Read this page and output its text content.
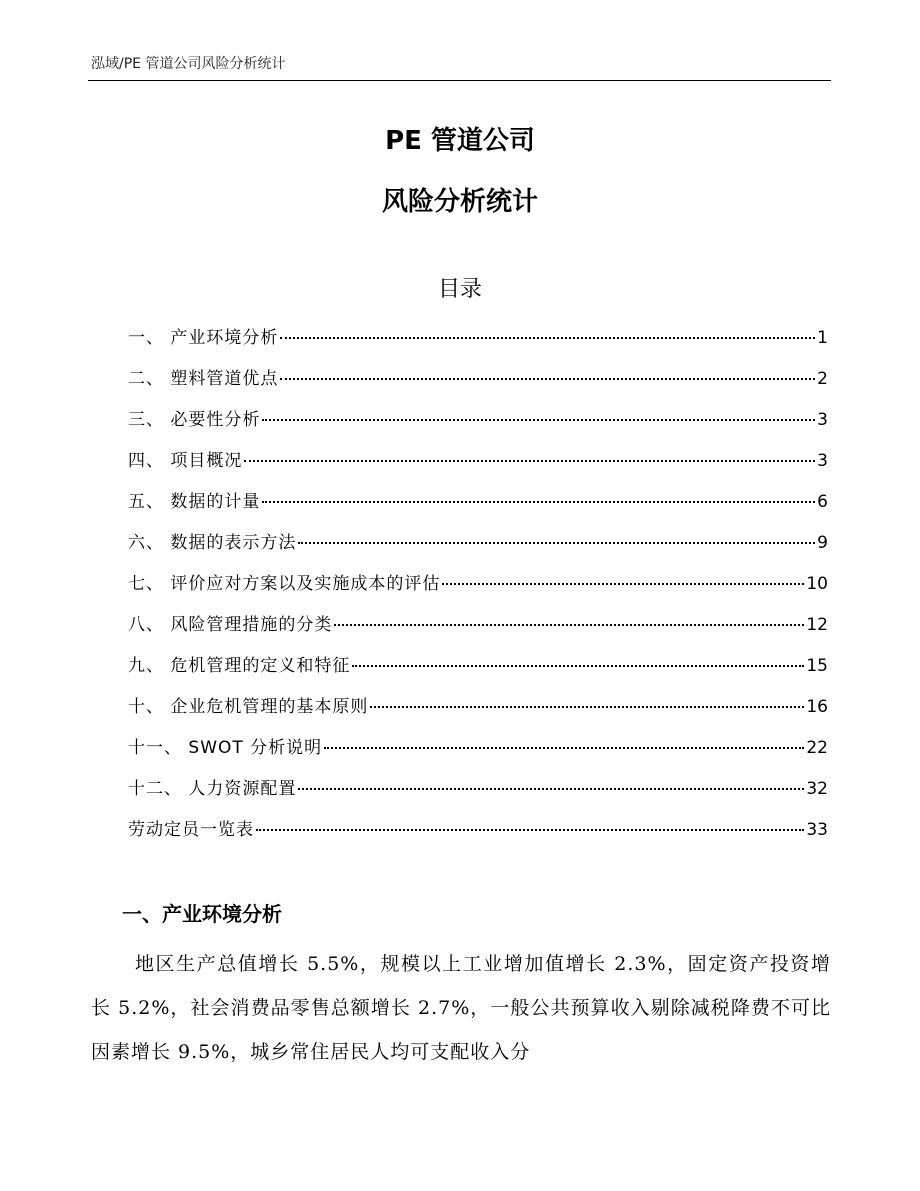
泓域/PE 管道公司风险分析统计
PE 管道公司
风险分析统计
目录
一、 产业环境分析	1
二、 塑料管道优点	2
三、 必要性分析	3
四、 项目概况	3
五、 数据的计量	6
六、 数据的表示方法	9
七、 评价应对方案以及实施成本的评估	10
八、 风险管理措施的分类	12
九、 危机管理的定义和特征	15
十、 企业危机管理的基本原则	16
十一、 SWOT 分析说明	22
十二、 人力资源配置	32
劳动定员一览表	33
一、产业环境分析
地区生产总值增长 5.5%，规模以上工业增加值增长 2.3%，固定资产投资增长 5.2%，社会消费品零售总额增长 2.7%，一般公共预算收入剔除减税降费不可比因素增长 9.5%，城乡常住居民人均可支配收入分
